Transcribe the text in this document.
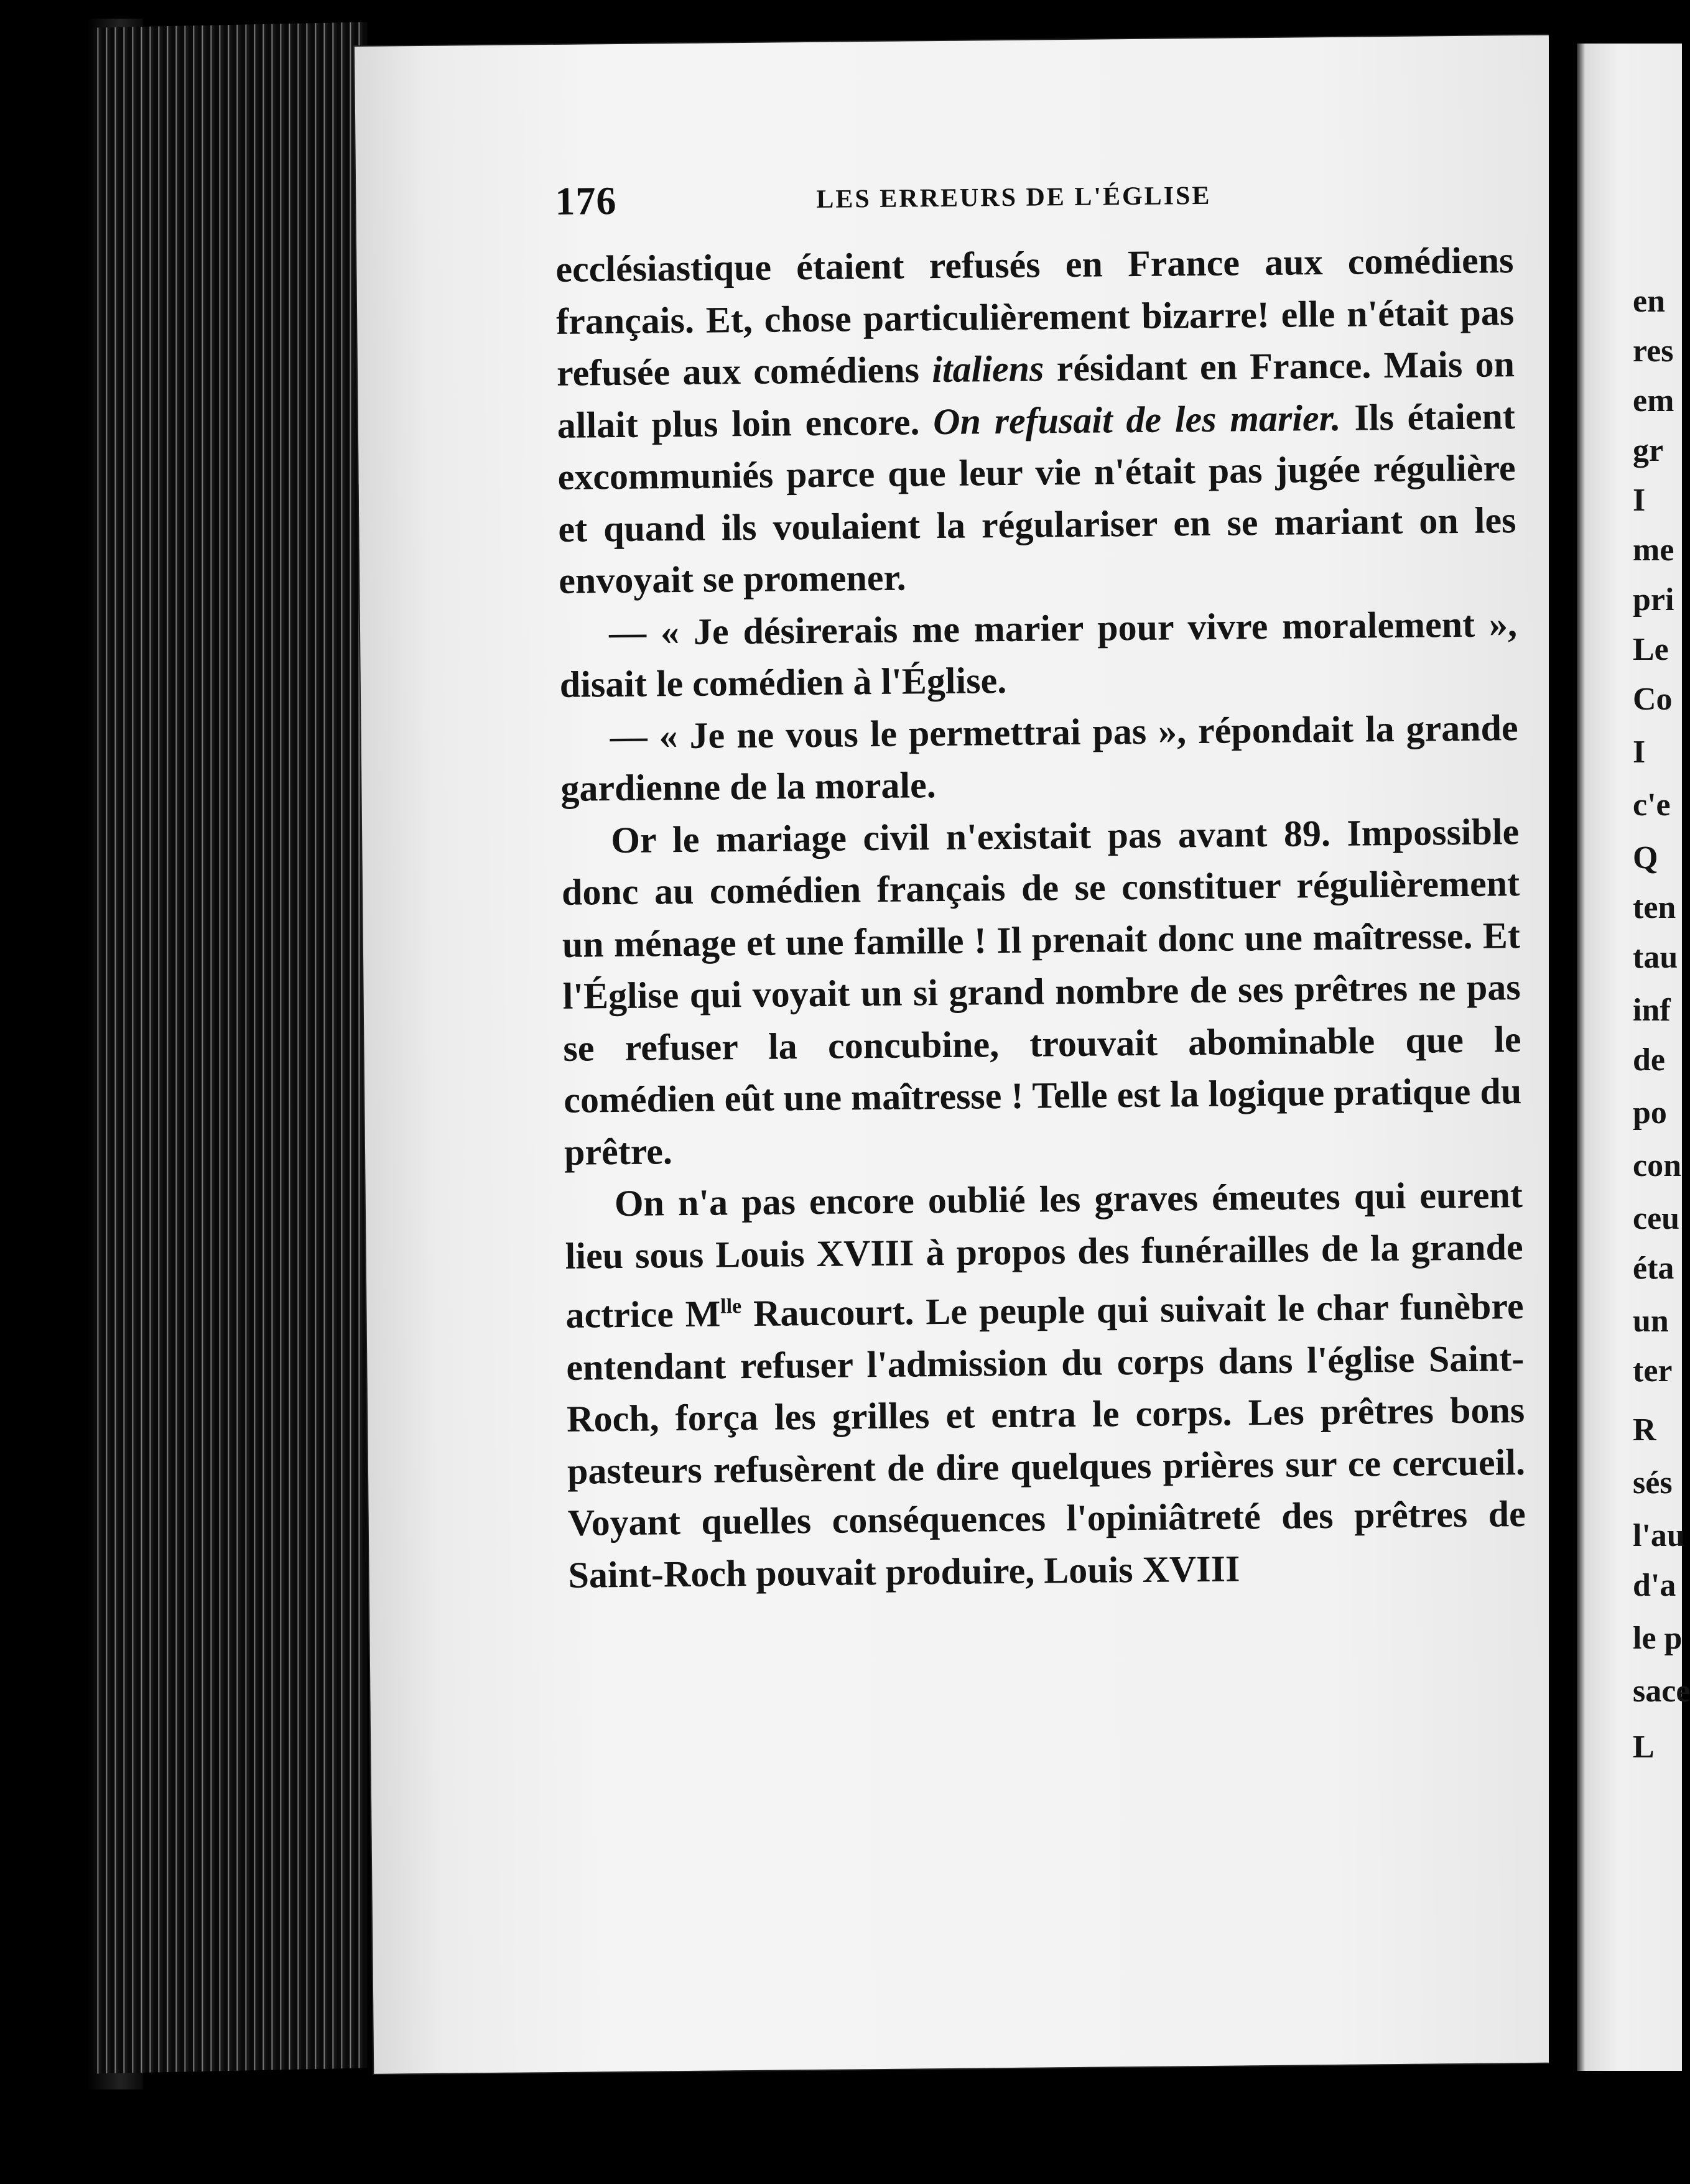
176	LES ERREURS DE L'ÉGLISE

ecclésiastique étaient refusés en France aux comédiens français. Et, chose particulièrement bizarre! elle n'était pas refusée aux comédiens italiens résidant en France. Mais on allait plus loin encore. On refusait de les marier. Ils étaient excommuniés parce que leur vie n'était pas jugée régulière et quand ils voulaient la régulariser en se mariant on les envoyait se promener.

— « Je désirerais me marier pour vivre moralement », disait le comédien à l'Église.

— « Je ne vous le permettrai pas », répondait la grande gardienne de la morale.

Or le mariage civil n'existait pas avant 89. Impossible donc au comédien français de se constituer régulièrement un ménage et une famille ! Il prenait donc une maîtresse. Et l'Église qui voyait un si grand nombre de ses prêtres ne pas se refuser la concubine, trouvait abominable que le comédien eût une maîtresse ! Telle est la logique pratique du prêtre.

On n'a pas encore oublié les graves émeutes qui eurent lieu sous Louis XVIII à propos des funérailles de la grande actrice $M^{lle}$ Raucourt. Le peuple qui suivait le char funèbre entendant refuser l'admission du corps dans l'église Saint-Roch, força les grilles et entra le corps. Les prêtres bons pasteurs refusèrent de dire quelques prières sur ce cercueil. Voyant quelles conséquences l'opiniâtreté des prêtres de Saint-Roch pouvait produire, Louis XVIII

en
res
em
gr
I
me
pri
Le
Co
I
c'e
Q
ten
tau
inf
de
po
con
ceu
éta
un
ter
R
sés
l'au
d'a
le p
sace
L
